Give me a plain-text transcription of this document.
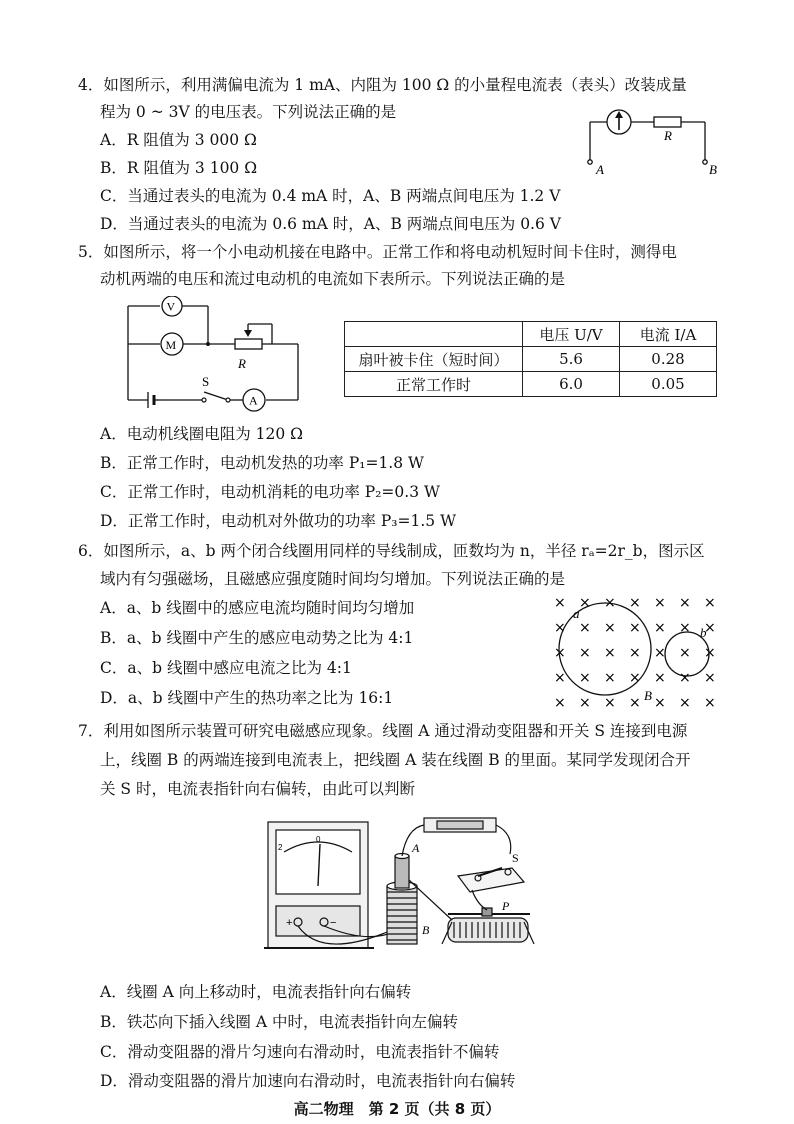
4．如图所示，利用满偏电流为 1 mA、内阻为 100 Ω 的小量程电流表（表头）改装成量
程为 0 ~ 3V 的电压表。下列说法正确的是
A．R 阻值为 3 000 Ω
B．R 阻值为 3 100 Ω
C．当通过表头的电流为 0.4 mA 时，A、B 两端点间电压为 1.2 V
D．当通过表头的电流为 0.6 mA 时，A、B 两端点间电压为 0.6 V
R
A	B
5．如图所示，将一个小电动机接在电路中。正常工作和将电动机短时间卡住时，测得电
动机两端的电压和流过电动机的电流如下表所示。下列说法正确的是
V
M
R
S
A
	电压 U/V	电流 I/A
扇叶被卡住（短时间）	5.6	0.28
正常工作时	6.0	0.05
A．电动机线圈电阻为 120 Ω
B．正常工作时，电动机发热的功率 P₁=1.8 W
C．正常工作时，电动机消耗的电功率 P₂=0.3 W
D．正常工作时，电动机对外做功的功率 P₃=1.5 W
6．如图所示，a、b 两个闭合线圈用同样的导线制成，匝数均为 n，半径 rₐ=2r_b，图示区
域内有匀强磁场，且磁感应强度随时间均匀增加。下列说法正确的是
A．a、b 线圈中的感应电流均随时间均匀增加
B．a、b 线圈中产生的感应电动势之比为 4:1
C．a、b 线圈中感应电流之比为 4:1
D．a、b 线圈中产生的热功率之比为 16:1
× × × × × × ×
× × × × × × ×
× × × × × × ×
× × × × × × ×
× × × × × × ×
a
b
B
7．利用如图所示装置可研究电磁感应现象。线圈 A 通过滑动变阻器和开关 S 连接到电源
上，线圈 B 的两端连接到电流表上，把线圈 A 装在线圈 B 的里面。某同学发现闭合开
关 S 时，电流表指针向右偏转，由此可以判断
2
0
+	−
A
B
S
P
A．线圈 A 向上移动时，电流表指针向右偏转
B．铁芯向下插入线圈 A 中时，电流表指针向左偏转
C．滑动变阻器的滑片匀速向右滑动时，电流表指针不偏转
D．滑动变阻器的滑片加速向右滑动时，电流表指针向右偏转
高二物理　第 2 页（共 8 页）
